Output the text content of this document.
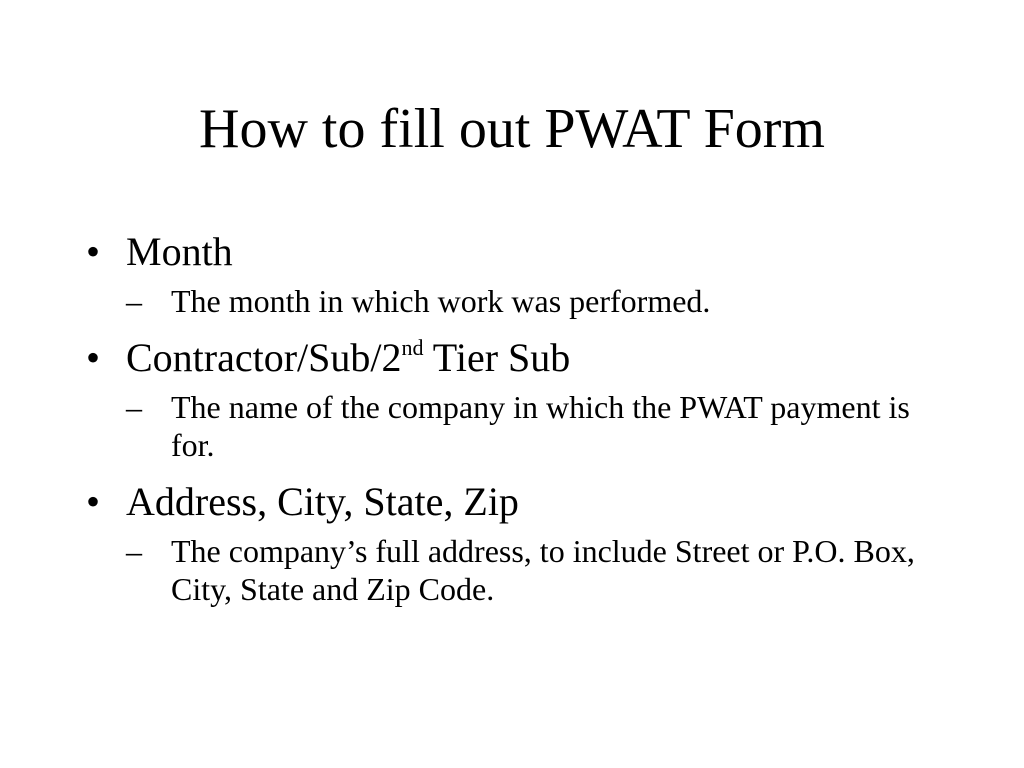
How to fill out PWAT Form
• Month
– The month in which work was performed.
• Contractor/Sub/2nd Tier Sub
– The name of the company in which the PWAT payment is for.
• Address, City, State, Zip
– The company’s full address, to include Street or P.O. Box, City, State and Zip Code.
